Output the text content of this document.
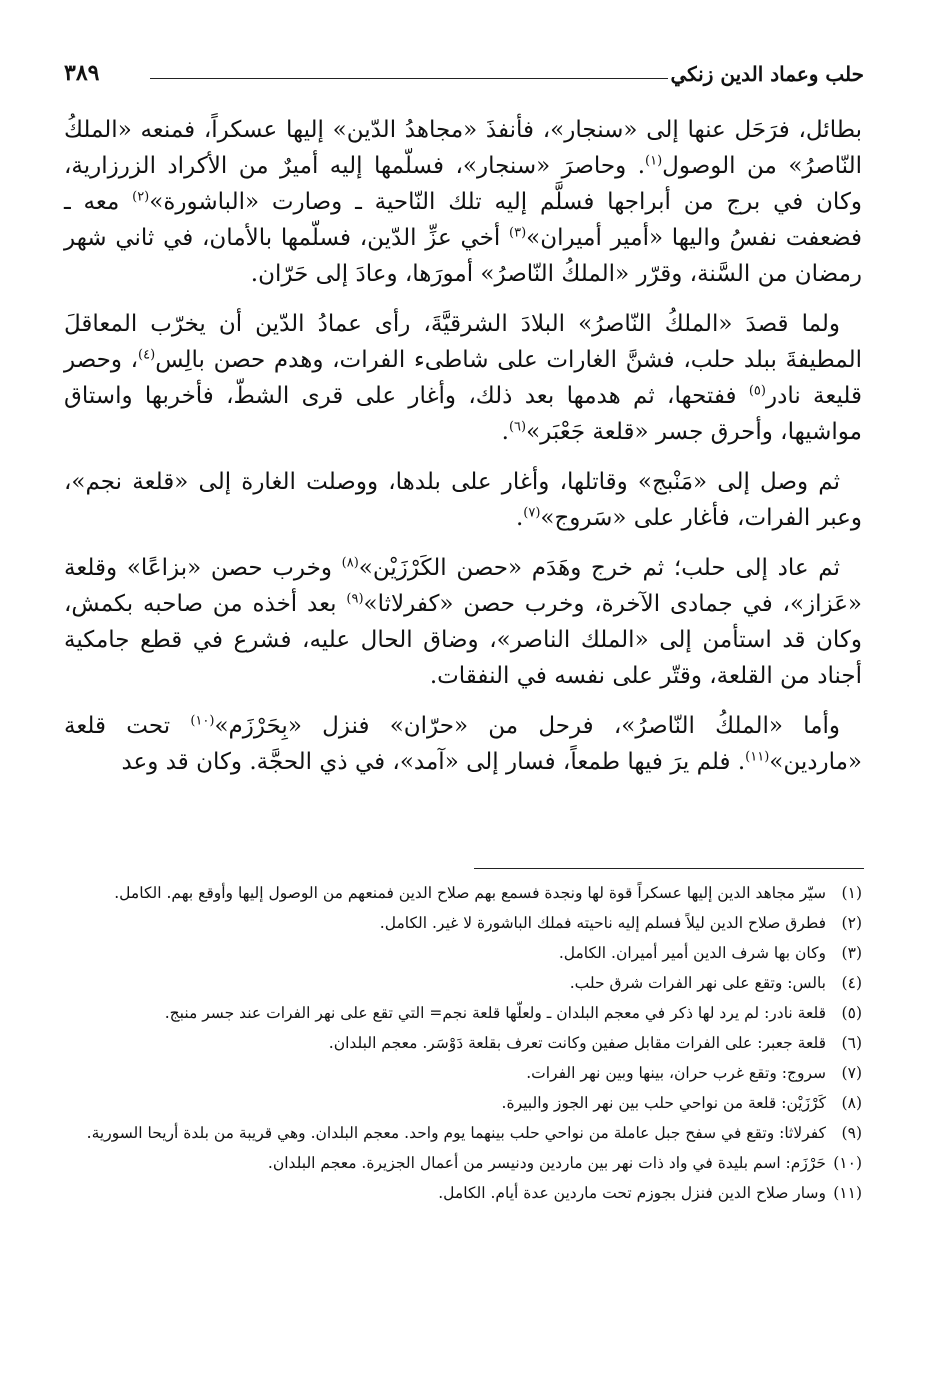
حلب وعماد الدين زنكي
٣٨٩

بطائل، فرَحَل عنها إلى «سنجار»، فأنفذَ «مجاهدُ الدّين» إليها عسكراً، فمنعه «الملكُ النّاصرُ» من الوصول$^{(١)}$. وحاصرَ «سنجار»، فسلّمها إليه أميرٌ من الأكراد الزرزارية، وكان في برج من أبراجها فسلَّم إليه تلك النّاحية ـ وصارت «الباشورة»$^{(٢)}$ معه ـ فضعفت نفسُ واليها «أمير أميران»$^{(٣)}$ أخي عزِّ الدّين، فسلّمها بالأمان، في ثاني شهر رمضان من السَّنة، وقرّر «الملكُ النّاصرُ» أمورَها، وعادَ إلى حَرّان.

ولما قصدَ «الملكُ النّاصرُ» البلادَ الشرقيَّةَ، رأى عمادُ الدّين أن يخرّب المعاقلَ المطيفةَ ببلد حلب، فشنَّ الغارات على شاطىء الفرات، وهدم حصن بالِس$^{(٤)}$، وحصر قليعة نادر$^{(٥)}$ ففتحها، ثم هدمها بعد ذلك، وأغار على قرى الشطّ، فأخربها واستاق مواشيها، وأحرق جسر «قلعة جَعْبَر»$^{(٦)}$.

ثم وصل إلى «مَنْبج» وقاتلها، وأغار على بلدها، ووصلت الغارة إلى «قلعة نجم»، وعبر الفرات، فأغار على «سَروج»$^{(٧)}$.

ثم عاد إلى حلب؛ ثم خرج وهَدَم «حصن الكَرْزَيْن»$^{(٨)}$ وخرب حصن «بزاعًا» وقلعة «عَزاز»، في جمادى الآخرة، وخرب حصن «كفرلاثا»$^{(٩)}$ بعد أخذه من صاحبه بكمش، وكان قد استأمن إلى «الملك الناصر»، وضاق الحال عليه، فشرع في قطع جامكية أجناد من القلعة، وقتّر على نفسه في النفقات.

وأما «الملكُ النّاصرُ»، فرحل من «حرّان» فنزل «بِحَرْزَم»$^{(١٠)}$ تحت قلعة «ماردين»$^{(١١)}$. فلم يرَ فيها طمعاً، فسار إلى «آمد»، في ذي الحجَّة. وكان قد وعد

(١)
سيّر مجاهد الدين إليها عسكراً قوة لها ونجدة فسمع بهم صلاح الدين فمنعهم من الوصول إليها وأوقع بهم. الكامل.
(٢)
فطرق صلاح الدين ليلاً فسلم إليه ناحيته فملك الباشورة لا غير. الكامل.
(٣)
وكان بها شرف الدين أمير أميران. الكامل.
(٤)
بالس: وتقع على نهر الفرات شرق حلب.
(٥)
قلعة نادر: لم يرد لها ذكر في معجم البلدان ـ ولعلّها قلعة نجم= التي تقع على نهر الفرات عند جسر منبج.
(٦)
قلعة جعبر: على الفرات مقابل صفين وكانت تعرف بقلعة دَوْسَر. معجم البلدان.
(٧)
سروج: وتقع غرب حران، بينها وبين نهر الفرات.
(٨)
كَرْزَيْن: قلعة من نواحي حلب بين نهر الجوز والبيرة.
(٩)
كفرلاثا: وتقع في سفح جبل عاملة من نواحي حلب بينهما يوم واحد. معجم البلدان. وهي قريبة من بلدة أريحا السورية.
(١٠)
حَرْزَم: اسم بليدة في واد ذات نهر بين ماردين ودنيسر من أعمال الجزيرة. معجم البلدان.
(١١)
وسار صلاح الدين فنزل بجوزم تحت ماردين عدة أيام. الكامل.
